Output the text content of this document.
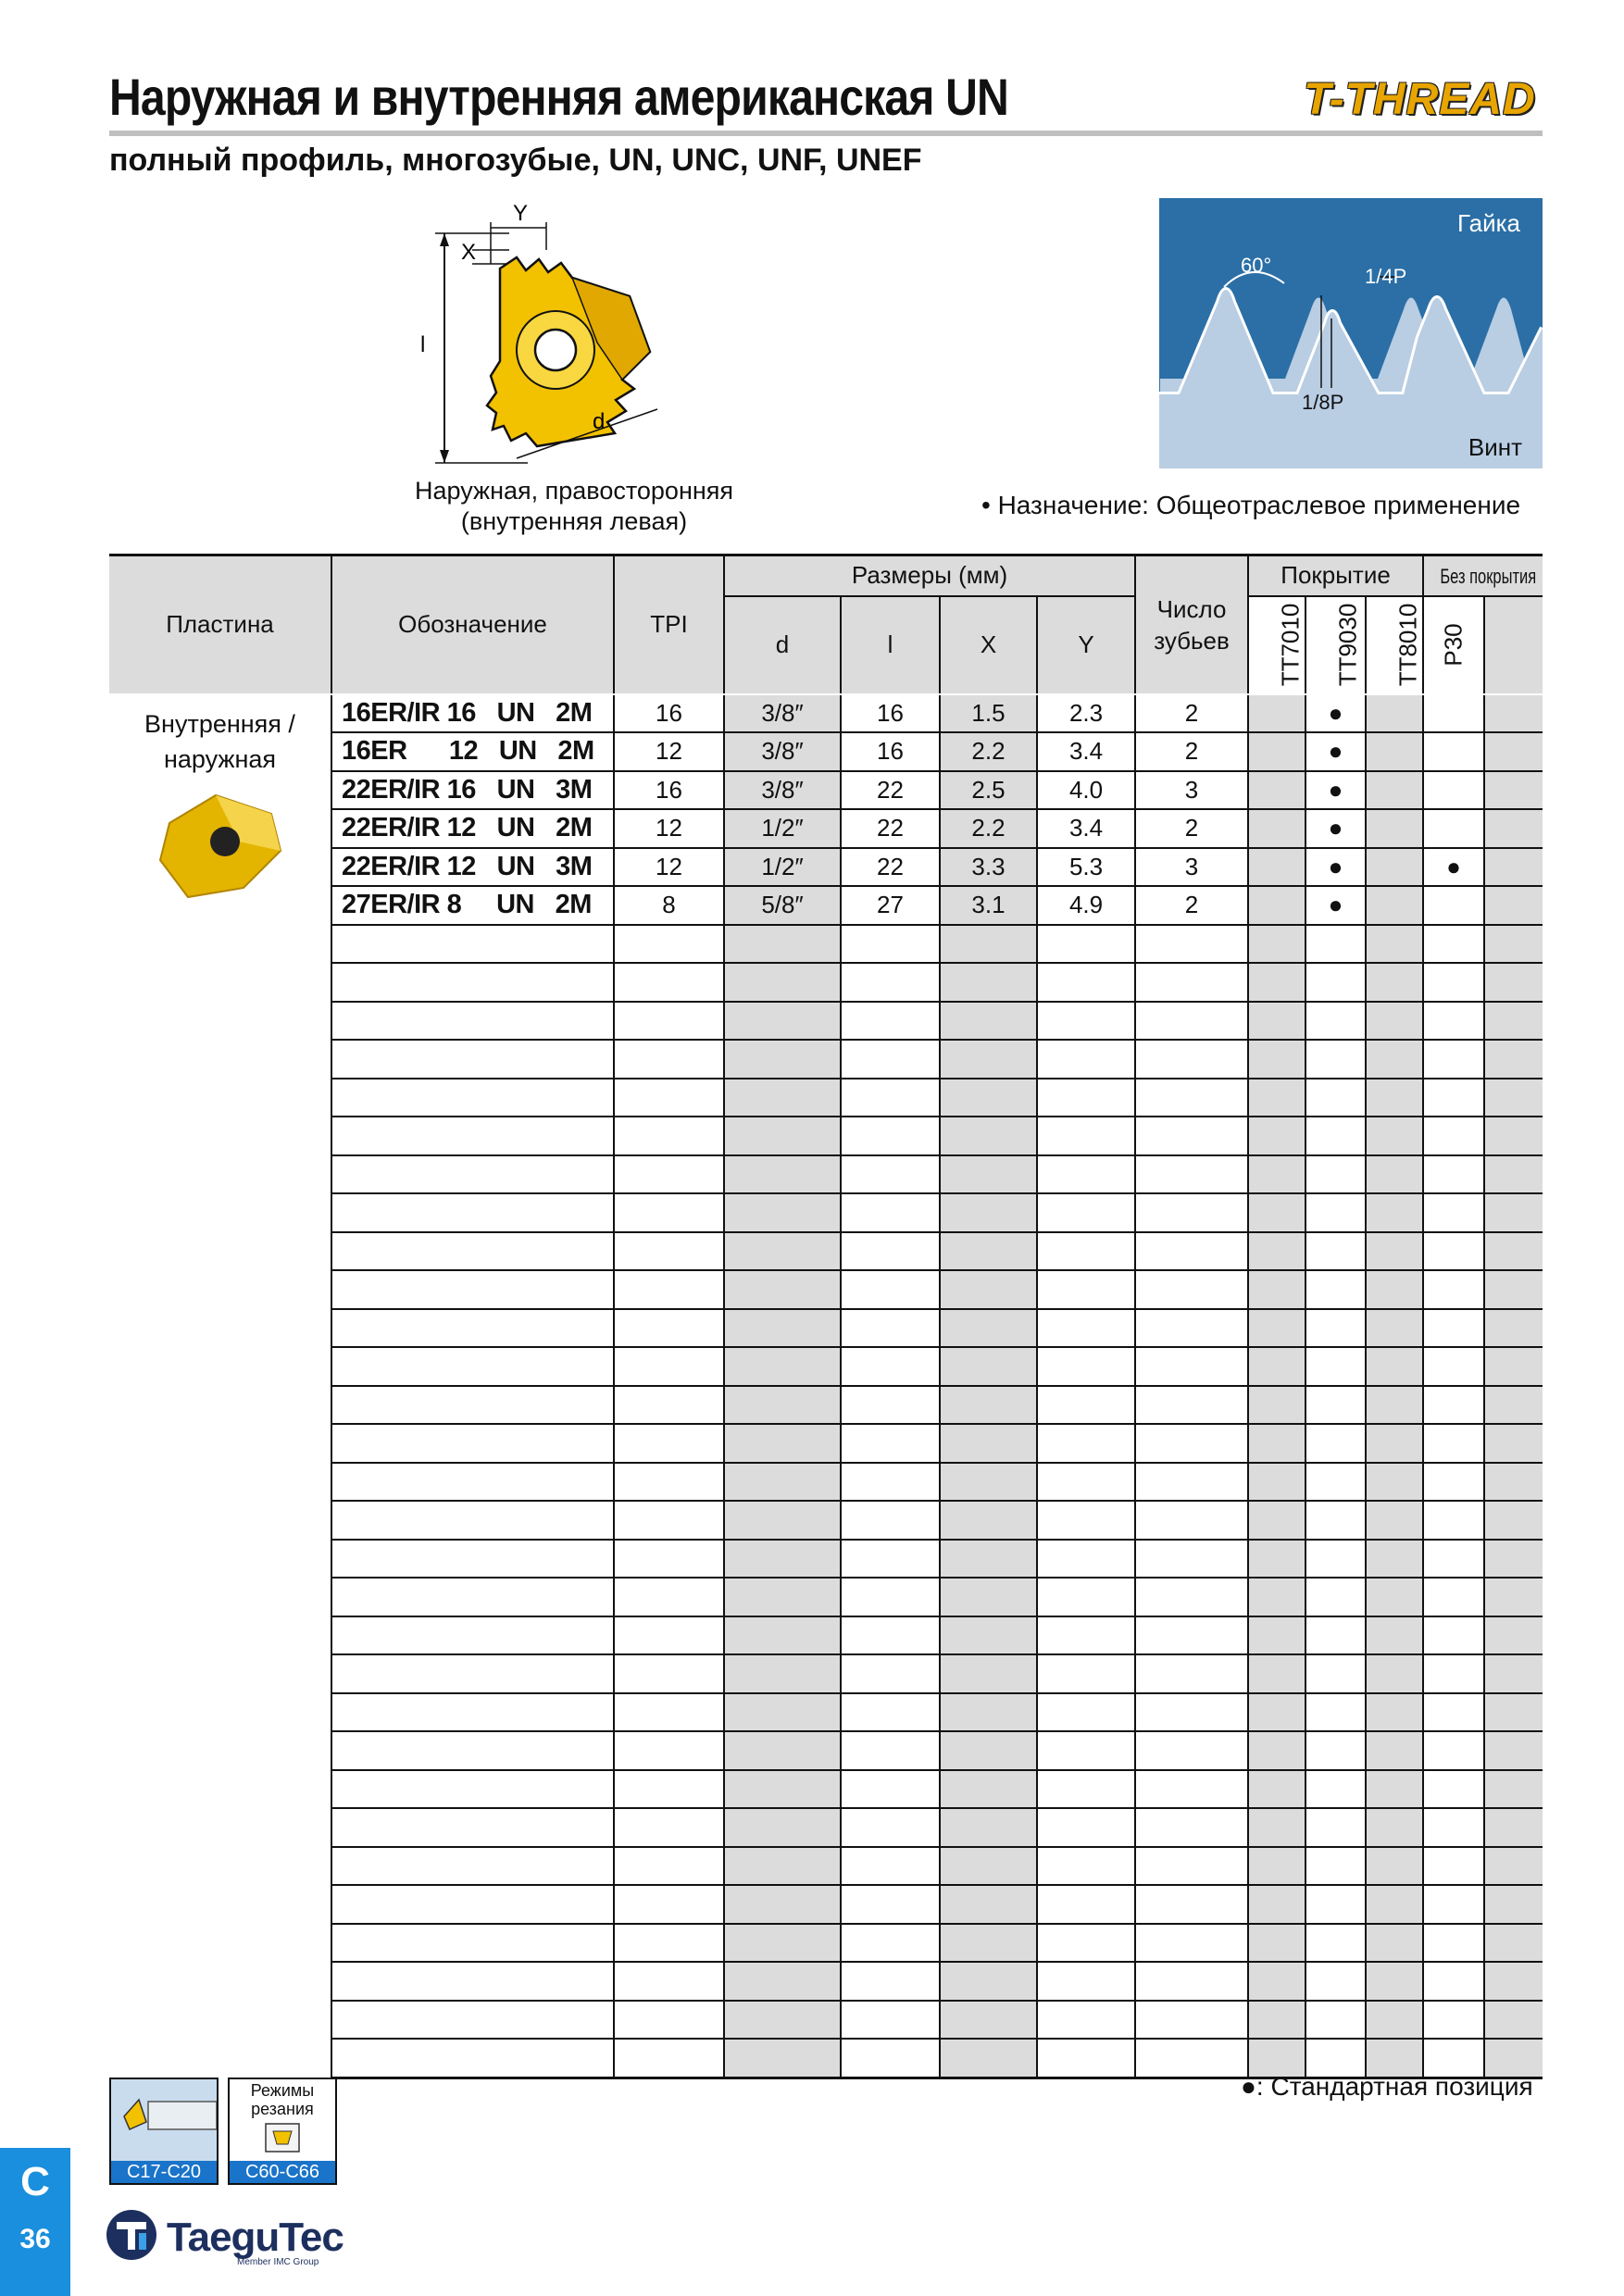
Наружная и внутренняя американская UN	T-THREAD
полный профиль, многозубые, UN, UNC, UNF, UNEF
l
X
Y
d
Наружная, правосторонняя
(внутренняя левая)
Гайка
60°	1/4P
1/8P
Винт
• Назначение: Общеотраслевое применение
Пластина	Обозначение	TPI	Размеры (мм)				Число
зубьев	Покрытие			Без покрытия	
			d	l	X	Y		TT7010	TT9030	TT8010	P30	

Внутренняя /
наружная	16ER/IR 16   UN   2M	16	3/8″	16	1.5	2.3	2		●			
	16ER      12   UN   2M	12	3/8″	16	2.2	3.4	2		●			
	22ER/IR 16   UN   3M	16	3/8″	22	2.5	4.0	3		●			
	22ER/IR 12   UN   2M	12	1/2″	22	2.2	3.4	2		●			
	22ER/IR 12   UN   3M	12	1/2″	22	3.3	5.3	3		●		●	
	27ER/IR 8     UN   2M	8	5/8″	27	3.1	4.9	2		●			

●: Стандартная позиция
C17-C20
Режимы
резания
C60-C66
C
36	TaeguTec
Member IMC Group
